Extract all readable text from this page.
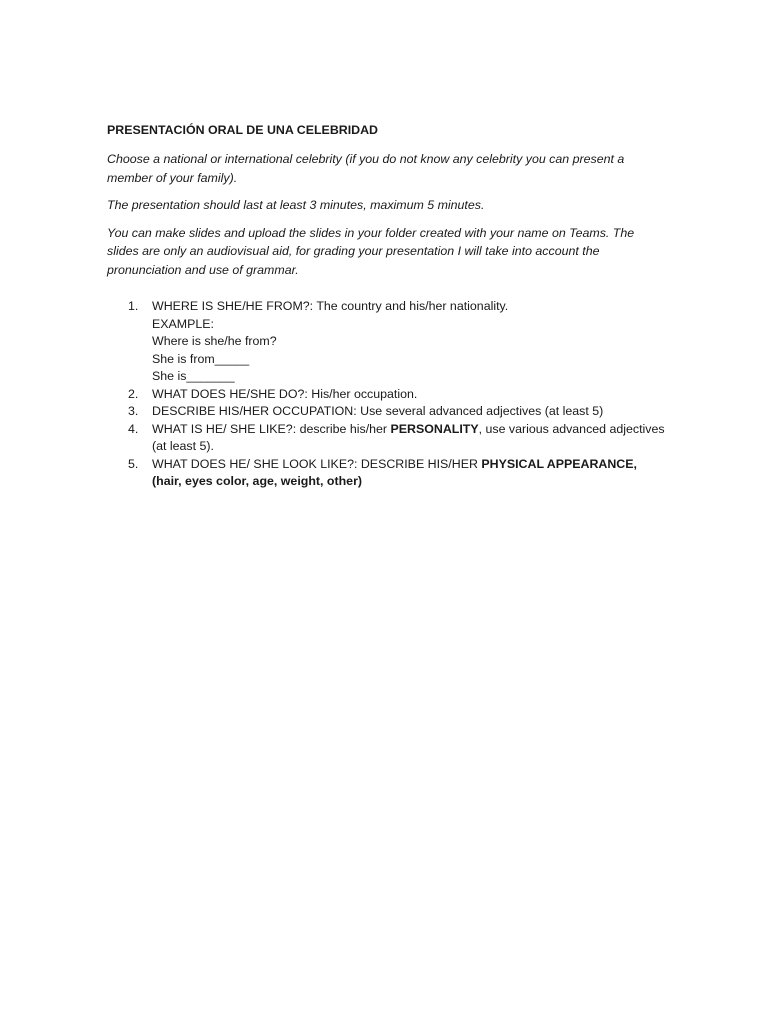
PRESENTACIÓN ORAL DE UNA CELEBRIDAD

Choose a national or international celebrity (if you do not know any celebrity you can present a member of your family).

The presentation should last at least 3 minutes, maximum 5 minutes.

You can make slides and upload the slides in your folder created with your name on Teams. The slides are only an audiovisual aid, for grading your presentation I will take into account the pronunciation and use of grammar.

1. WHERE IS SHE/HE FROM?: The country and his/her nationality.
EXAMPLE:
Where is she/he from?
She is from_____
She is_______
2. WHAT DOES HE/SHE DO?: His/her occupation.
3. DESCRIBE HIS/HER OCCUPATION: Use several advanced adjectives (at least 5)
4. WHAT IS HE/ SHE LIKE?: describe his/her PERSONALITY, use various advanced adjectives (at least 5).
5. WHAT DOES HE/ SHE LOOK LIKE?: DESCRIBE HIS/HER PHYSICAL APPEARANCE, (hair, eyes color, age, weight, other)
